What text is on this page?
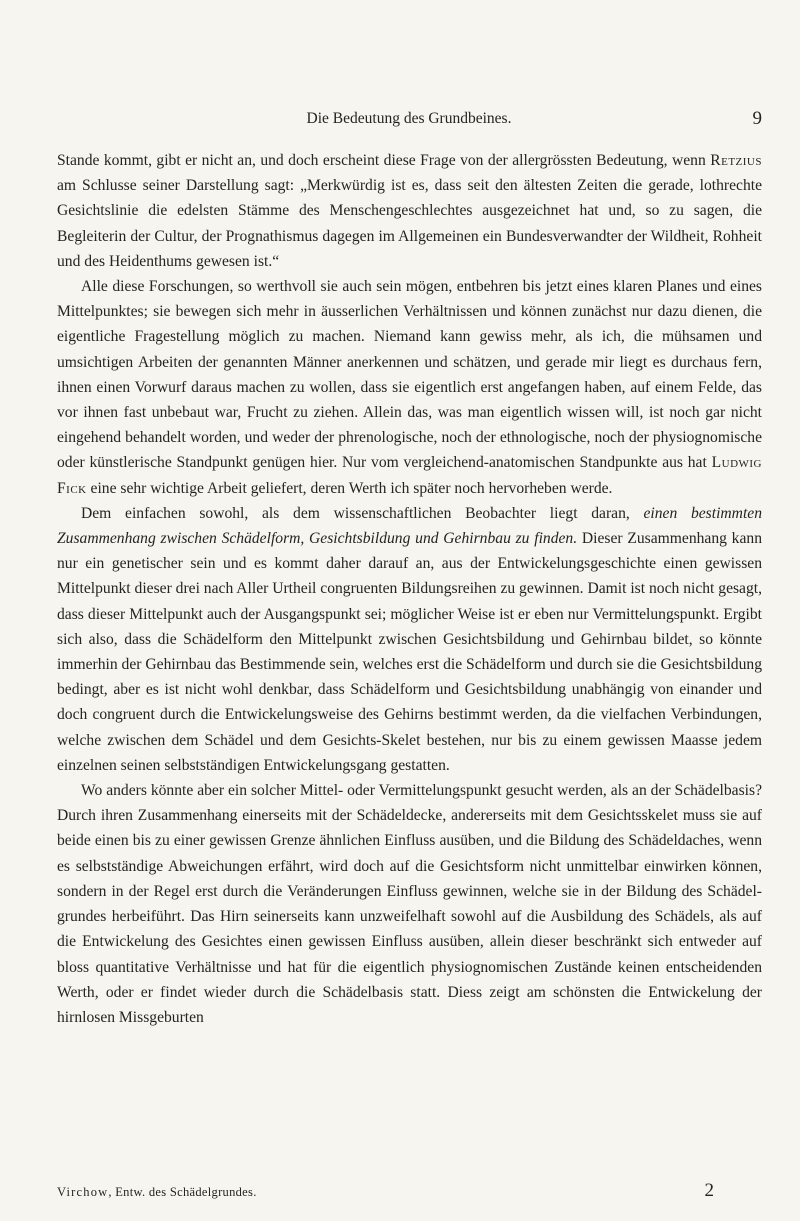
Die Bedeutung des Grundbeines.	9

Stande kommt, gibt er nicht an, und doch erscheint diese Frage von der allergrössten Bedeutung, wenn Retzius am Schlusse seiner Darstellung sagt: „Merkwürdig ist es, dass seit den ältesten Zeiten die gerade, lothrechte Gesichtslinie die edelsten Stämme des Menschengeschlechtes ausgezeichnet hat und, so zu sagen, die Begleiterin der Cultur, der Prognathismus dagegen im Allgemeinen ein Bundesverwandter der Wildheit, Rohheit und des Heidenthums gewesen ist.“

Alle diese Forschungen, so werthvoll sie auch sein mögen, entbehren bis jetzt eines klaren Planes und eines Mittelpunktes; sie bewegen sich mehr in äusserlichen Verhältnissen und können zunächst nur dazu dienen, die eigentliche Fragestellung möglich zu machen. Niemand kann gewiss mehr, als ich, die mühsamen und umsichtigen Arbeiten der genannten Männer anerkennen und schätzen, und gerade mir liegt es durchaus fern, ihnen einen Vorwurf daraus machen zu wollen, dass sie eigentlich erst angefangen haben, auf einem Felde, das vor ihnen fast unbebaut war, Frucht zu ziehen. Allein das, was man eigentlich wissen will, ist noch gar nicht eingehend behandelt worden, und weder der phrenologische, noch der ethnologische, noch der physiognomische oder künstlerische Standpunkt genügen hier. Nur vom vergleichend-anatomischen Standpunkte aus hat Ludwig Fick eine sehr wichtige Arbeit geliefert, deren Werth ich später noch hervorheben werde.

Dem einfachen sowohl, als dem wissenschaftlichen Beobachter liegt daran, einen bestimmten Zusammenhang zwischen Schädelform, Gesichtsbildung und Gehirnbau zu finden. Dieser Zusammenhang kann nur ein genetischer sein und es kommt daher darauf an, aus der Entwickelungsgeschichte einen gewissen Mittelpunkt dieser drei nach Aller Urtheil congruenten Bildungsreihen zu gewinnen. Damit ist noch nicht gesagt, dass dieser Mittelpunkt auch der Ausgangspunkt sei; möglicher Weise ist er eben nur Vermittelungspunkt. Ergibt sich also, dass die Schädelform den Mittelpunkt zwischen Gesichtsbildung und Gehirnbau bildet, so könnte immerhin der Gehirnbau das Bestimmende sein, welches erst die Schädelform und durch sie die Gesichtsbildung bedingt, aber es ist nicht wohl denkbar, dass Schädelform und Gesichtsbildung unabhängig von einander und doch congruent durch die Entwickelungsweise des Gehirns bestimmt werden, da die vielfachen Verbindungen, welche zwischen dem Schädel und dem Gesichts-Skelet bestehen, nur bis zu einem gewissen Maasse jedem einzelnen seinen selbstständigen Entwickelungsgang gestatten.

Wo anders könnte aber ein solcher Mittel- oder Vermittelungspunkt gesucht werden, als an der Schädelbasis? Durch ihren Zusammenhang einerseits mit der Schädeldecke, andererseits mit dem Gesichtsskelet muss sie auf beide einen bis zu einer gewissen Grenze ähnlichen Einfluss ausüben, und die Bildung des Schädeldaches, wenn es selbstständige Abweichungen erfährt, wird doch auf die Gesichtsform nicht unmittelbar einwirken können, sondern in der Regel erst durch die Veränderungen Einfluss gewinnen, welche sie in der Bildung des Schädelgrundes herbeiführt. Das Hirn seinerseits kann unzweifelhaft sowohl auf die Ausbildung des Schädels, als auf die Entwickelung des Gesichtes einen gewissen Einfluss ausüben, allein dieser beschränkt sich entweder auf bloss quantitative Verhältnisse und hat für die eigentlich physiognomischen Zustände keinen entscheidenden Werth, oder er findet wieder durch die Schädelbasis statt. Diess zeigt am schönsten die Entwickelung der hirnlosen Missgeburten

Virchow, Entw. des Schädelgrundes.	2
